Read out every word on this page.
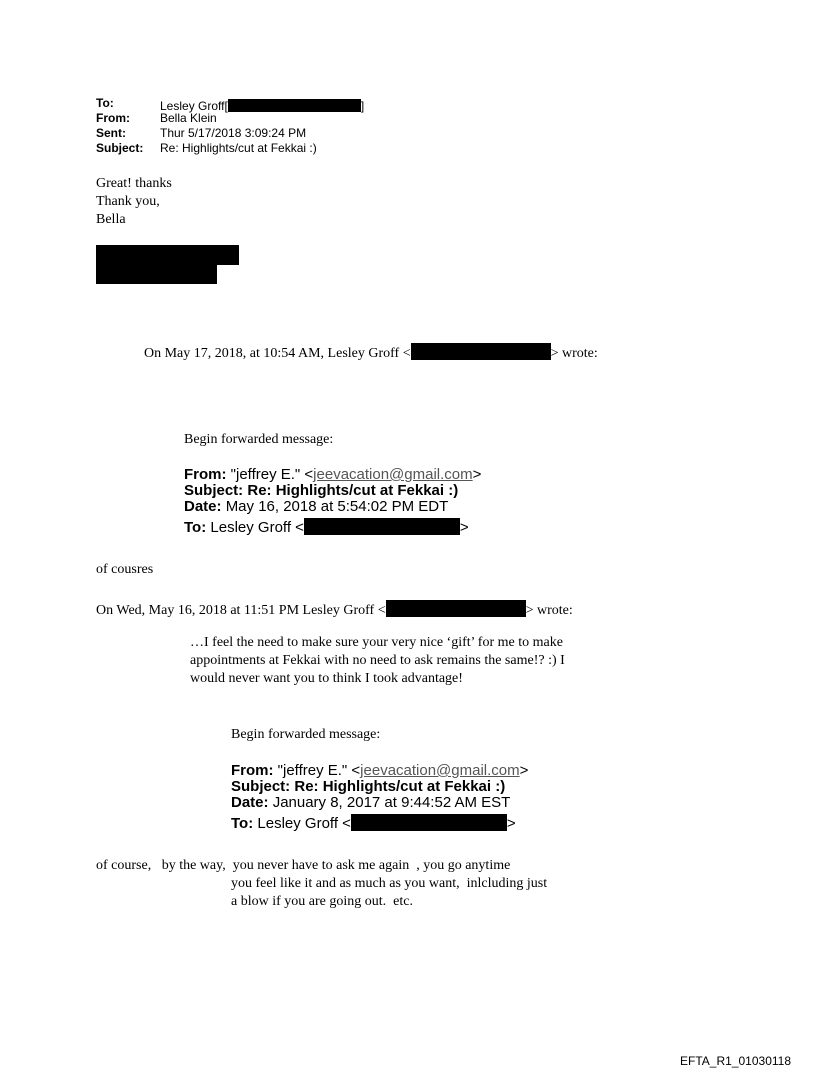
To:	Lesley Groff[	]
From:	Bella Klein
Sent:	Thur 5/17/2018 3:09:24 PM
Subject: Re: Highlights/cut at Fekkai :)
Great! thanks
Thank you,
Bella
On May 17, 2018, at 10:54 AM, Lesley Groff <	> wrote:
Begin forwarded message:
From: "jeffrey E." <jeevacation@gmail.com>
Subject: Re: Highlights/cut at Fekkai :)
Date: May 16, 2018 at 5:54:02 PM EDT
To: Lesley Groff <	>
of cousres
On Wed, May 16, 2018 at 11:51 PM Lesley Groff <	> wrote:
…I feel the need to make sure your very nice ‘gift’ for me to make
appointments at Fekkai with no need to ask remains the same!? :) I
would never want you to think I took advantage!
Begin forwarded message:
From: "jeffrey E." <jeevacation@gmail.com>
Subject: Re: Highlights/cut at Fekkai :)
Date: January 8, 2017 at 9:44:52 AM EST
To: Lesley Groff <	>
of course,   by the way,  you never have to ask me again  , you go anytime
you feel like it and as much as you want,  inlcluding just
a blow if you are going out.  etc.
EFTA_R1_01030118
